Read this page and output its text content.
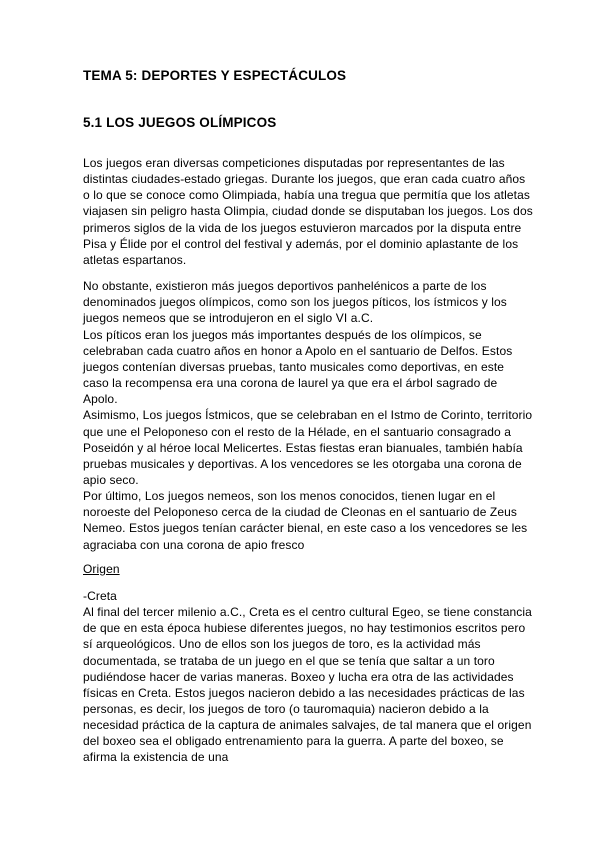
TEMA 5: DEPORTES Y ESPECTÁCULOS
5.1 LOS JUEGOS OLÍMPICOS

Los juegos eran diversas competiciones disputadas por representantes de las distintas ciudades-estado griegas. Durante los juegos, que eran cada cuatro años o lo que se conoce como Olimpiada, había una tregua que permitía que los atletas viajasen sin peligro hasta Olimpia, ciudad donde se disputaban los juegos. Los dos primeros siglos de la vida de los juegos estuvieron marcados por la disputa entre Pisa y Élide por el control del festival y además, por el dominio aplastante de los atletas espartanos.

No obstante, existieron más juegos deportivos panhelénicos a parte de los denominados juegos olímpicos, como son los juegos píticos, los ístmicos y los juegos nemeos que se introdujeron en el siglo VI a.C.

Los píticos eran los juegos más importantes después de los olímpicos, se celebraban cada cuatro años en honor a Apolo en el santuario de Delfos. Estos juegos contenían diversas pruebas, tanto musicales como deportivas, en este caso la recompensa era una corona de laurel ya que era el árbol sagrado de Apolo.

Asimismo, Los juegos Ístmicos, que se celebraban en el Istmo de Corinto, territorio que une el Peloponeso con el resto de la Hélade, en el santuario consagrado a Poseidón y al héroe local Melicertes. Estas fiestas eran bianuales, también había pruebas musicales y deportivas. A los vencedores se les otorgaba una corona de apio seco.

Por último, Los juegos nemeos, son los menos conocidos, tienen lugar en el noroeste del Peloponeso cerca de la ciudad de Cleonas en el santuario de Zeus Nemeo. Estos juegos tenían carácter bienal, en este caso a los vencedores se les agraciaba con una corona de apio fresco

Origen

-Creta

Al final del tercer milenio a.C., Creta es el centro cultural Egeo, se tiene constancia de que en esta época hubiese diferentes juegos, no hay testimonios escritos pero sí arqueológicos. Uno de ellos son los juegos de toro, es la actividad más documentada, se trataba de un juego en el que se tenía que saltar a un toro pudiéndose hacer de varias maneras. Boxeo y lucha era otra de las actividades físicas en Creta. Estos juegos nacieron debido a las necesidades prácticas de las personas, es decir, los juegos de toro (o tauromaquia) nacieron debido a la necesidad práctica de la captura de animales salvajes, de tal manera que el origen del boxeo sea el obligado entrenamiento para la guerra. A parte del boxeo, se afirma la existencia de una
